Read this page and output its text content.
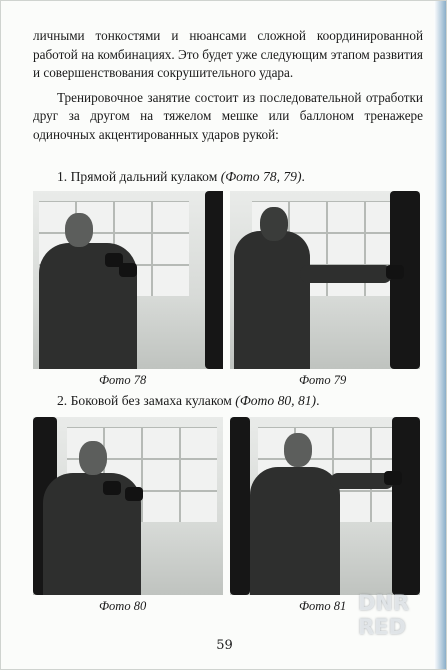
личными тонкостями и нюансами сложной координированной работой на комбинациях. Это будет уже следующим этапом развития и совершенствования сокрушительного удара.

Тренировочное занятие состоит из последовательной отработки друг за другом на тяжелом мешке или баллоном тренажере одиночных акцентированных ударов рукой:

1. Прямой дальний кулаком (Фото 78, 79).
Фото 78	Фото 79
2. Боковой без замаха кулаком (Фото 80, 81).
Фото 80	Фото 81
59
DNR
RED
